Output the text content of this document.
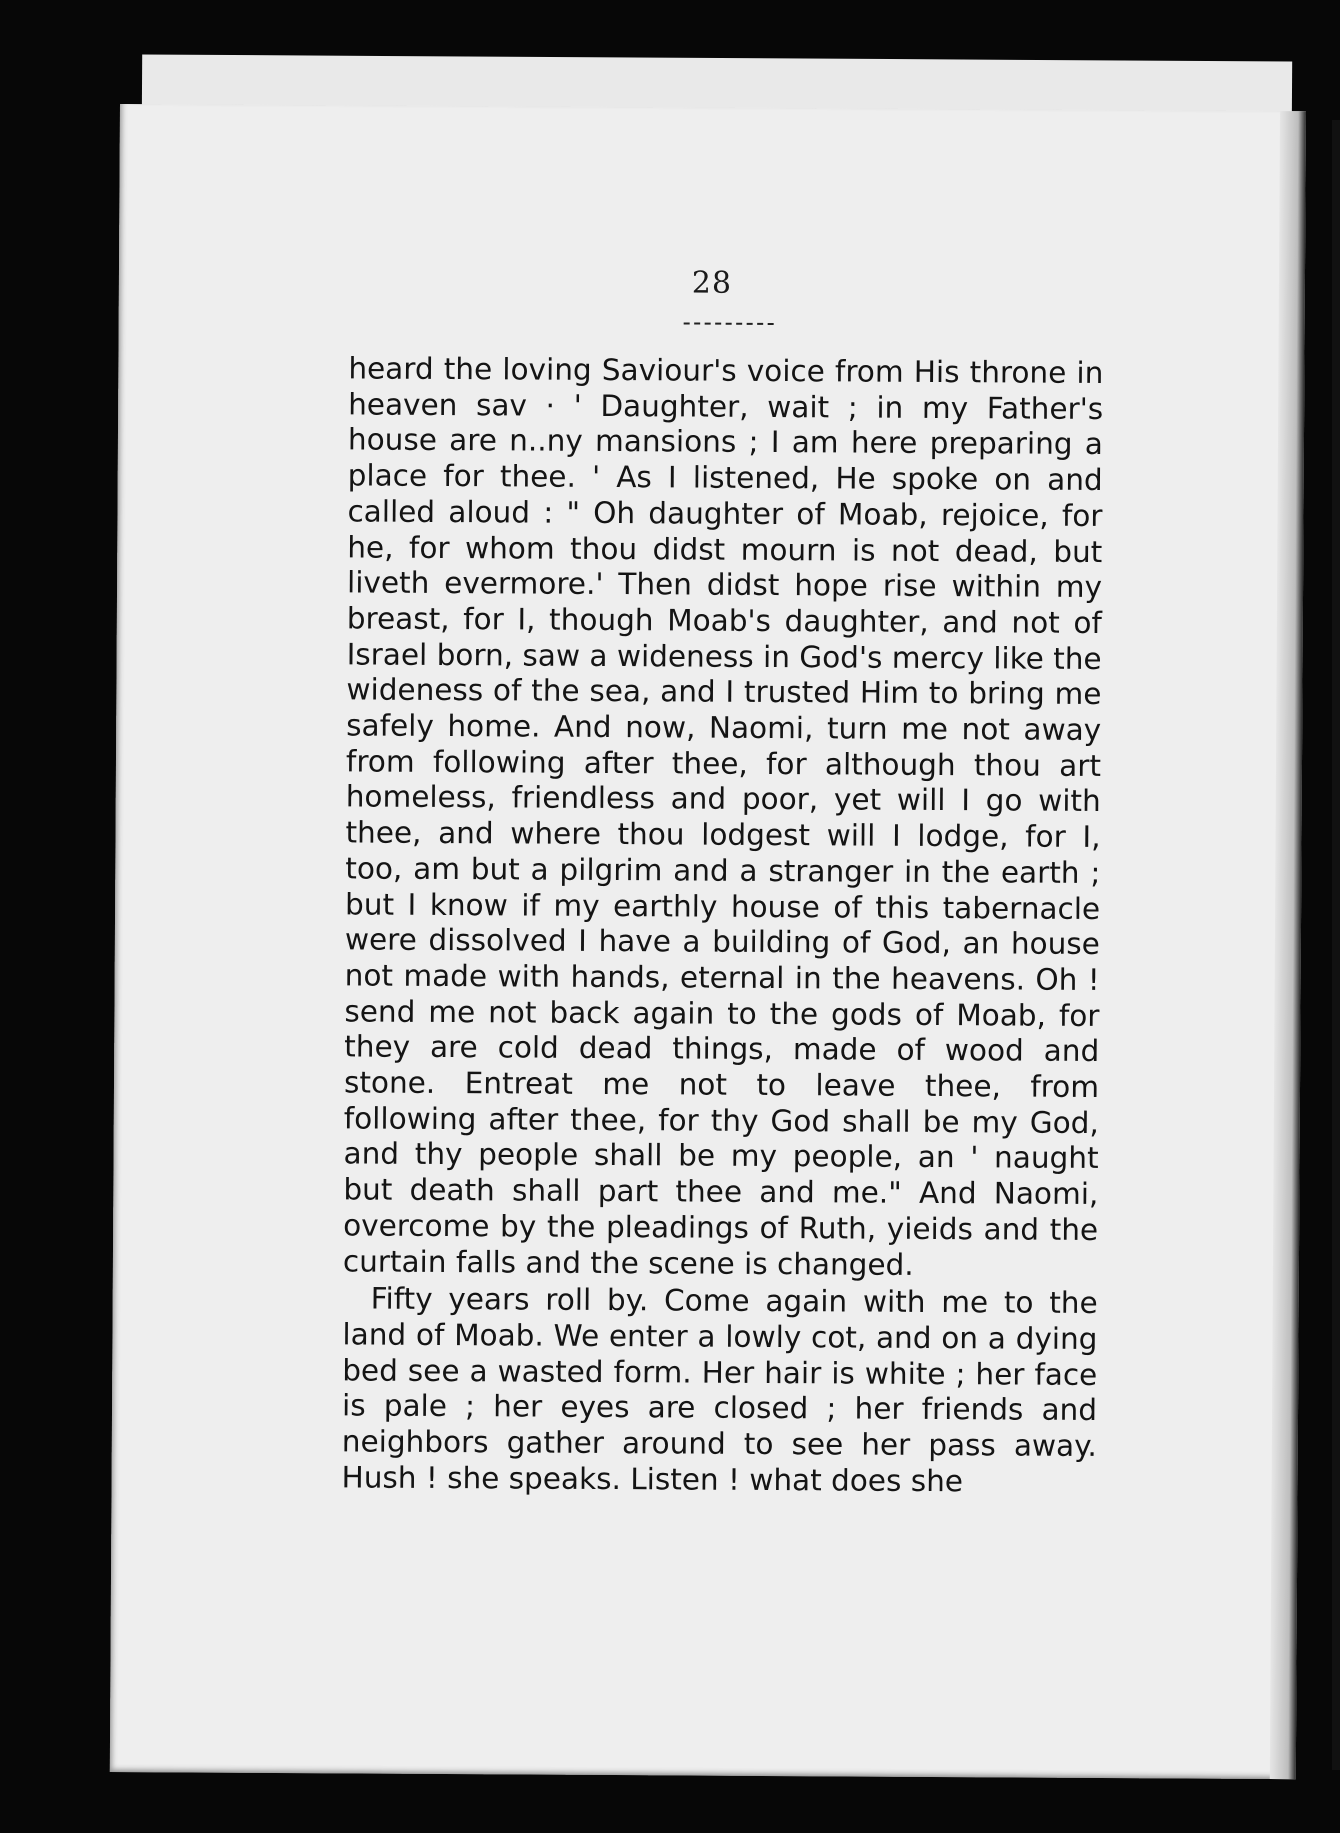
28

heard the loving Saviour's voice from His throne in heaven sav · ' Daughter, wait ; in my Father's house are n..ny mansions ; I am here preparing a place for thee. ' As I listened, He spoke on and called aloud : " Oh daughter of Moab, rejoice, for he, for whom thou didst mourn is not dead, but liveth evermore.' Then didst hope rise within my breast, for I, though Moab's daughter, and not of Israel born, saw a wideness in God's mercy like the wideness of the sea, and I trusted Him to bring me safely home. And now, Naomi, turn me not away from following after thee, for although thou art homeless, friendless and poor, yet will I go with thee, and where thou lodgest will I lodge, for I, too, am but a pilgrim and a stranger in the earth ; but I know if my earthly house of this tabernacle were dissolved I have a building of God, an house not made with hands, eternal in the heavens. Oh ! send me not back again to the gods of Moab, for they are cold dead things, made of wood and stone. Entreat me not to leave thee, from following after thee, for thy God shall be my God, and thy people shall be my people, an ' naught but death shall part thee and me." And Naomi, overcome by the pleadings of Ruth, yieids and the curtain falls and the scene is changed.

Fifty years roll by. Come again with me to the land of Moab. We enter a lowly cot, and on a dying bed see a wasted form. Her hair is white ; her face is pale ; her eyes are closed ; her friends and neighbors gather around to see her pass away. Hush ! she speaks. Listen ! what does she
